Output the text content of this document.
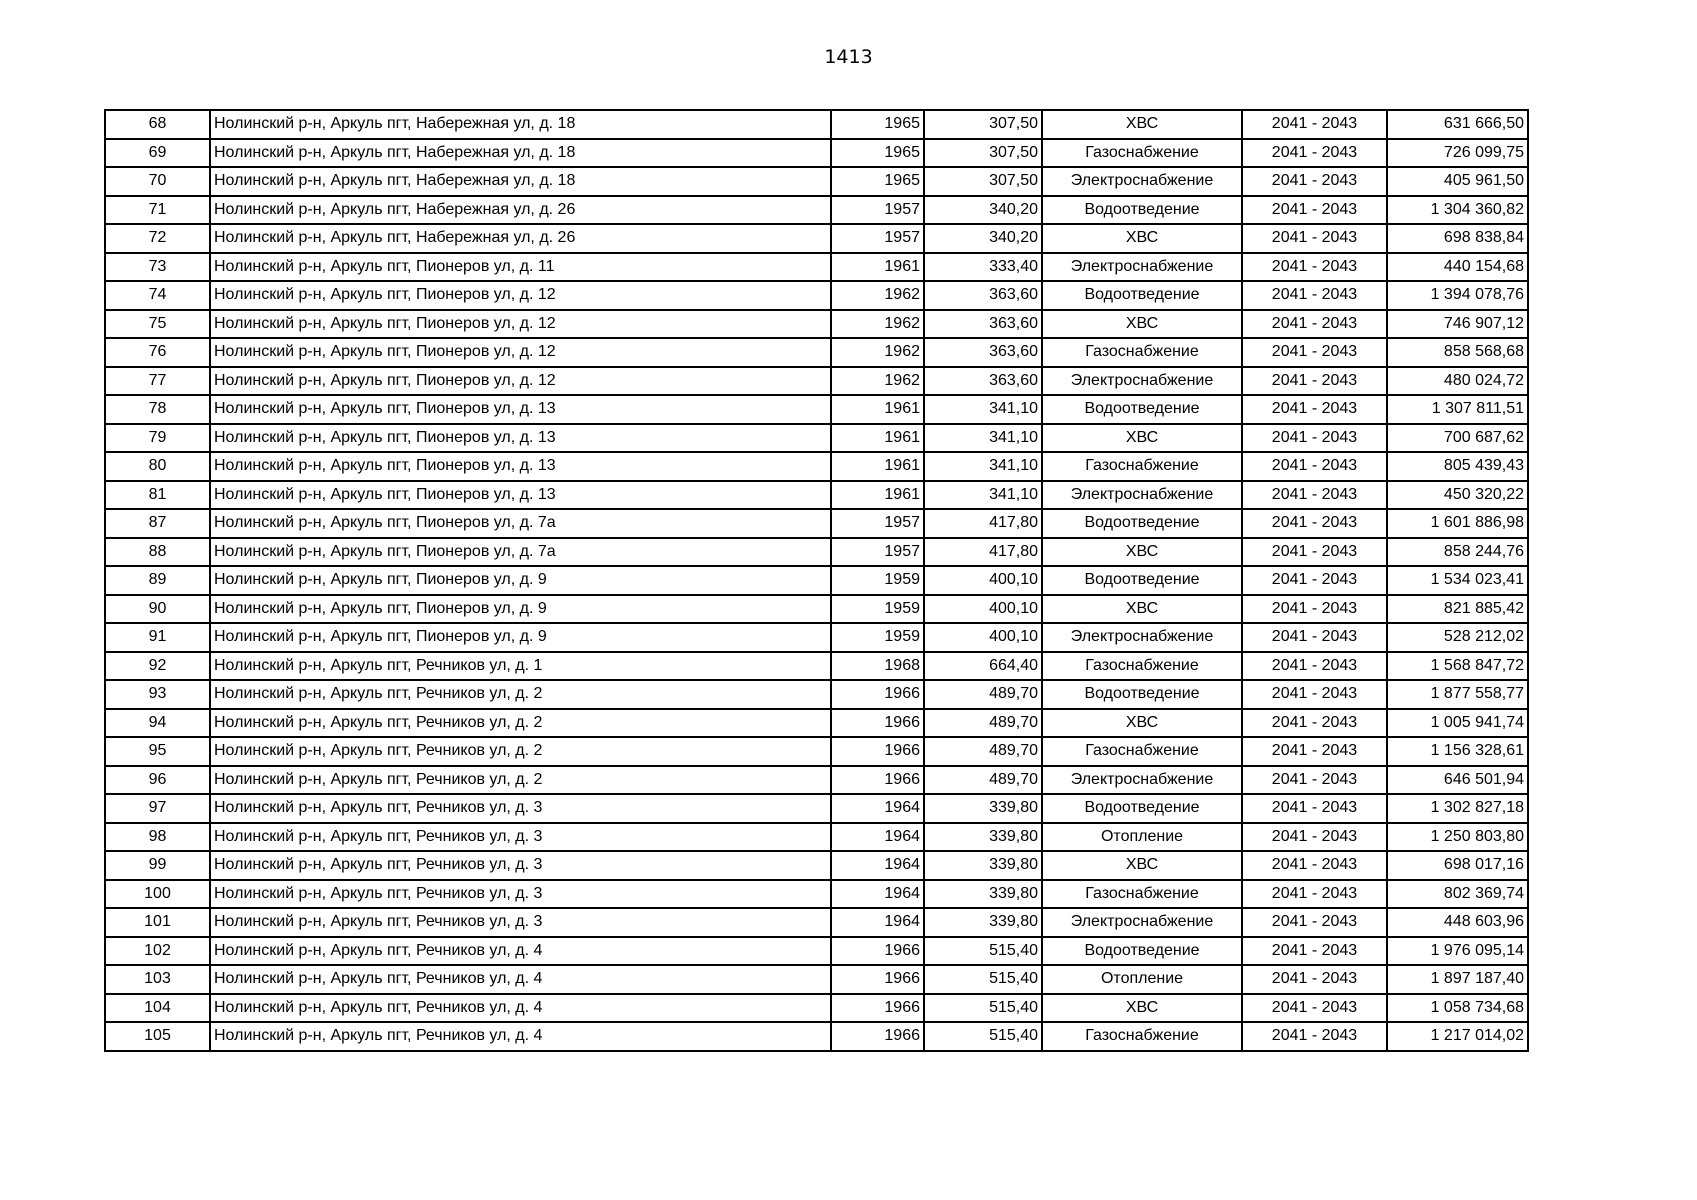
1413
68	Нолинский р-н, Аркуль пгт, Набережная ул, д. 18	1965	307,50	ХВС	2041 - 2043	631 666,50
69	Нолинский р-н, Аркуль пгт, Набережная ул, д. 18	1965	307,50	Газоснабжение	2041 - 2043	726 099,75
70	Нолинский р-н, Аркуль пгт, Набережная ул, д. 18	1965	307,50	Электроснабжение	2041 - 2043	405 961,50
71	Нолинский р-н, Аркуль пгт, Набережная ул, д. 26	1957	340,20	Водоотведение	2041 - 2043	1 304 360,82
72	Нолинский р-н, Аркуль пгт, Набережная ул, д. 26	1957	340,20	ХВС	2041 - 2043	698 838,84
73	Нолинский р-н, Аркуль пгт, Пионеров ул, д. 11	1961	333,40	Электроснабжение	2041 - 2043	440 154,68
74	Нолинский р-н, Аркуль пгт, Пионеров ул, д. 12	1962	363,60	Водоотведение	2041 - 2043	1 394 078,76
75	Нолинский р-н, Аркуль пгт, Пионеров ул, д. 12	1962	363,60	ХВС	2041 - 2043	746 907,12
76	Нолинский р-н, Аркуль пгт, Пионеров ул, д. 12	1962	363,60	Газоснабжение	2041 - 2043	858 568,68
77	Нолинский р-н, Аркуль пгт, Пионеров ул, д. 12	1962	363,60	Электроснабжение	2041 - 2043	480 024,72
78	Нолинский р-н, Аркуль пгт, Пионеров ул, д. 13	1961	341,10	Водоотведение	2041 - 2043	1 307 811,51
79	Нолинский р-н, Аркуль пгт, Пионеров ул, д. 13	1961	341,10	ХВС	2041 - 2043	700 687,62
80	Нолинский р-н, Аркуль пгт, Пионеров ул, д. 13	1961	341,10	Газоснабжение	2041 - 2043	805 439,43
81	Нолинский р-н, Аркуль пгт, Пионеров ул, д. 13	1961	341,10	Электроснабжение	2041 - 2043	450 320,22
87	Нолинский р-н, Аркуль пгт, Пионеров ул, д. 7а	1957	417,80	Водоотведение	2041 - 2043	1 601 886,98
88	Нолинский р-н, Аркуль пгт, Пионеров ул, д. 7а	1957	417,80	ХВС	2041 - 2043	858 244,76
89	Нолинский р-н, Аркуль пгт, Пионеров ул, д. 9	1959	400,10	Водоотведение	2041 - 2043	1 534 023,41
90	Нолинский р-н, Аркуль пгт, Пионеров ул, д. 9	1959	400,10	ХВС	2041 - 2043	821 885,42
91	Нолинский р-н, Аркуль пгт, Пионеров ул, д. 9	1959	400,10	Электроснабжение	2041 - 2043	528 212,02
92	Нолинский р-н, Аркуль пгт, Речников ул, д. 1	1968	664,40	Газоснабжение	2041 - 2043	1 568 847,72
93	Нолинский р-н, Аркуль пгт, Речников ул, д. 2	1966	489,70	Водоотведение	2041 - 2043	1 877 558,77
94	Нолинский р-н, Аркуль пгт, Речников ул, д. 2	1966	489,70	ХВС	2041 - 2043	1 005 941,74
95	Нолинский р-н, Аркуль пгт, Речников ул, д. 2	1966	489,70	Газоснабжение	2041 - 2043	1 156 328,61
96	Нолинский р-н, Аркуль пгт, Речников ул, д. 2	1966	489,70	Электроснабжение	2041 - 2043	646 501,94
97	Нолинский р-н, Аркуль пгт, Речников ул, д. 3	1964	339,80	Водоотведение	2041 - 2043	1 302 827,18
98	Нолинский р-н, Аркуль пгт, Речников ул, д. 3	1964	339,80	Отопление	2041 - 2043	1 250 803,80
99	Нолинский р-н, Аркуль пгт, Речников ул, д. 3	1964	339,80	ХВС	2041 - 2043	698 017,16
100	Нолинский р-н, Аркуль пгт, Речников ул, д. 3	1964	339,80	Газоснабжение	2041 - 2043	802 369,74
101	Нолинский р-н, Аркуль пгт, Речников ул, д. 3	1964	339,80	Электроснабжение	2041 - 2043	448 603,96
102	Нолинский р-н, Аркуль пгт, Речников ул, д. 4	1966	515,40	Водоотведение	2041 - 2043	1 976 095,14
103	Нолинский р-н, Аркуль пгт, Речников ул, д. 4	1966	515,40	Отопление	2041 - 2043	1 897 187,40
104	Нолинский р-н, Аркуль пгт, Речников ул, д. 4	1966	515,40	ХВС	2041 - 2043	1 058 734,68
105	Нолинский р-н, Аркуль пгт, Речников ул, д. 4	1966	515,40	Газоснабжение	2041 - 2043	1 217 014,02
